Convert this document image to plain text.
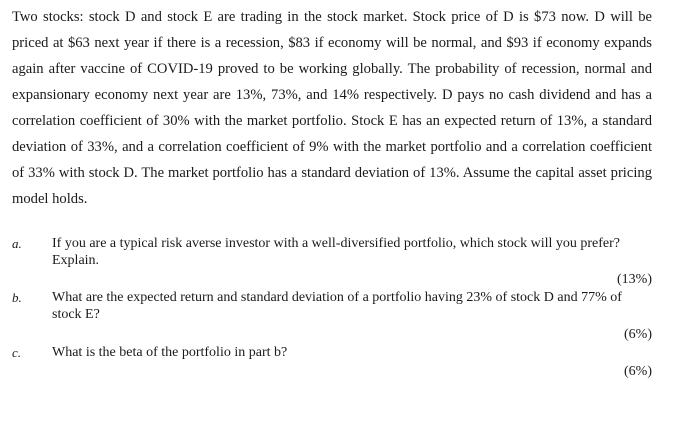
Two stocks: stock D and stock E are trading in the stock market. Stock price of D is $73 now. D will be priced at $63 next year if there is a recession, $83 if economy will be normal, and $93 if economy expands again after vaccine of COVID-19 proved to be working globally. The probability of recession, normal and expansionary economy next year are 13%, 73%, and 14% respectively. D pays no cash dividend and has a correlation coefficient of 30% with the market portfolio. Stock E has an expected return of 13%, a standard deviation of 33%, and a correlation coefficient of 9% with the market portfolio and a correlation coefficient of 33% with stock D. The market portfolio has a standard deviation of 13%. Assume the capital asset pricing model holds.
a. If you are a typical risk averse investor with a well-diversified portfolio, which stock will you prefer? Explain.
(13%)
b. What are the expected return and standard deviation of a portfolio having 23% of stock D and 77% of stock E?
(6%)
c. What is the beta of the portfolio in part b?
(6%)
